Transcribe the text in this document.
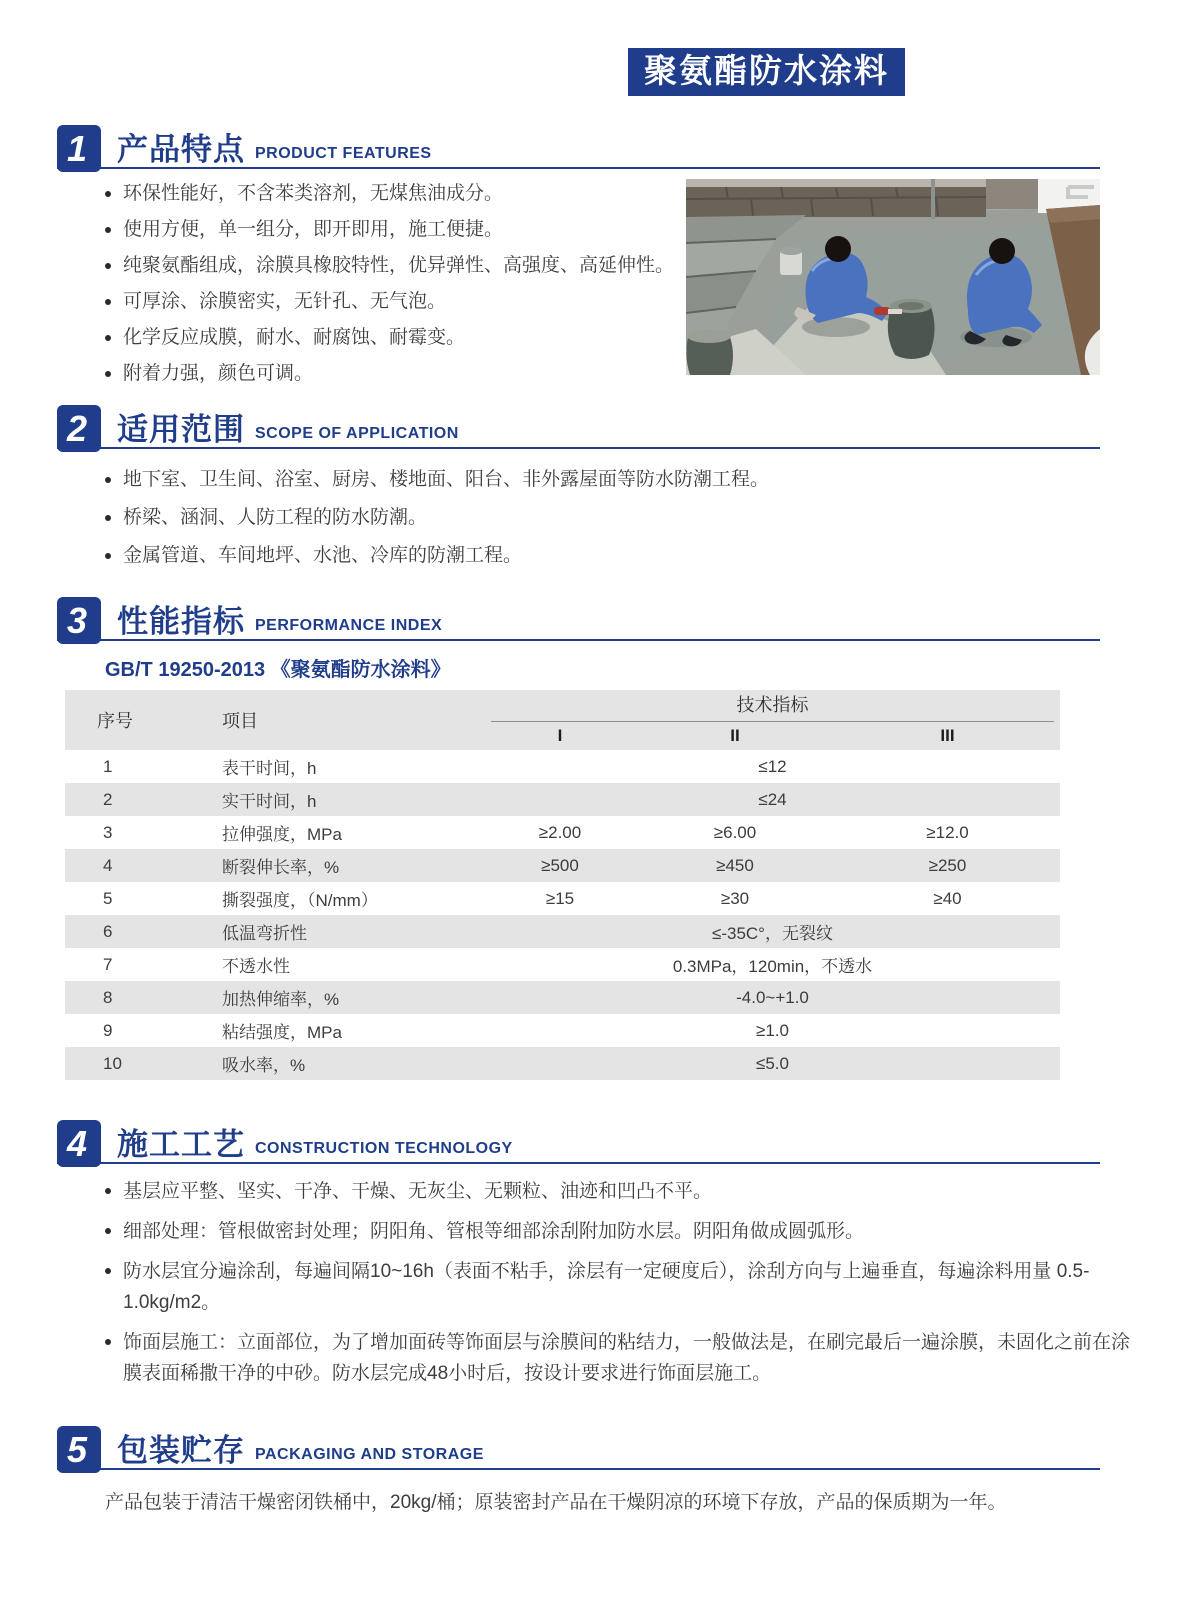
聚氨酯防水涂料
1 产品特点 PRODUCT FEATURES
环保性能好，不含苯类溶剂，无煤焦油成分。
使用方便，单一组分，即开即用，施工便捷。
纯聚氨酯组成，涂膜具橡胶特性，优异弹性、高强度、高延伸性。
可厚涂、涂膜密实，无针孔、无气泡。
化学反应成膜，耐水、耐腐蚀、耐霉变。
附着力强，颜色可调。
2 适用范围 SCOPE OF APPLICATION
地下室、卫生间、浴室、厨房、楼地面、阳台、非外露屋面等防水防潮工程。
桥梁、涵洞、人防工程的防水防潮。
金属管道、车间地坪、水池、冷库的防潮工程。
3 性能指标 PERFORMANCE INDEX
GB/T 19250-2013 《聚氨酯防水涂料》
序号	项目	技术指标		

		I	II	III
1	表干时间，h	≤12		
2	实干时间，h	≤24		
3	拉伸强度，MPa	≥2.00	≥6.00	≥12.0
4	断裂伸长率，%	≥500	≥450	≥250
5	撕裂强度，（N/mm）	≥15	≥30	≥40
6	低温弯折性	≤-35C°，无裂纹		
7	不透水性	0.3MPa，120min，不透水		
8	加热伸缩率，%	-4.0~+1.0		
9	粘结强度，MPa	≥1.0		
10	吸水率，%	≤5.0		
4 施工工艺 CONSTRUCTION TECHNOLOGY
基层应平整、坚实、干净、干燥、无灰尘、无颗粒、油迹和凹凸不平。
细部处理：管根做密封处理；阴阳角、管根等细部涂刮附加防水层。阴阳角做成圆弧形。
防水层宜分遍涂刮，每遍间隔10~16h（表面不粘手，涂层有一定硬度后），涂刮方向与上遍垂直，每遍涂料用量 0.5-1.0kg/m2。
饰面层施工：立面部位，为了增加面砖等饰面层与涂膜间的粘结力，一般做法是，在刷完最后一遍涂膜，未固化之前在涂膜表面稀撒干净的中砂。防水层完成48小时后，按设计要求进行饰面层施工。
5 包装贮存 PACKAGING AND STORAGE

产品包装于清洁干燥密闭铁桶中，20kg/桶；原装密封产品在干燥阴凉的环境下存放，产品的保质期为一年。
